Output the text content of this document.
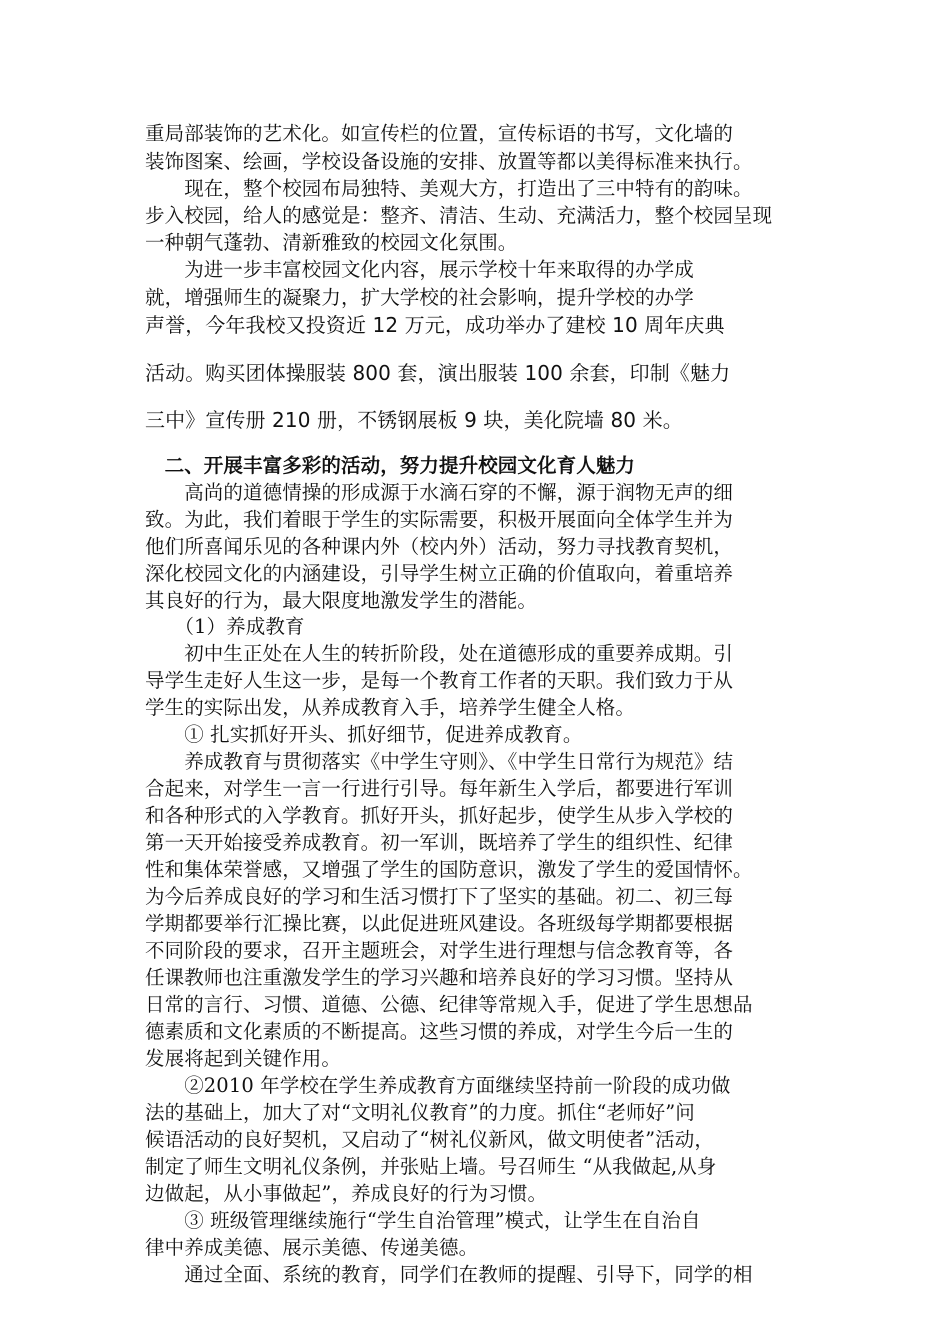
重局部装饰的艺术化。如宣传栏的位置，宣传标语的书写，文化墙的
装饰图案、绘画，学校设备设施的安排、放置等都以美得标准来执行。
　　现在，整个校园布局独特、美观大方，打造出了三中特有的韵味。
步入校园，给人的感觉是：整齐、清洁、生动、充满活力，整个校园呈现
一种朝气蓬勃、清新雅致的校园文化氛围。
　　为进一步丰富校园文化内容，展示学校十年来取得的办学成
就，增强师生的凝聚力，扩大学校的社会影响，提升学校的办学
声誉，今年我校又投资近 12 万元，成功举办了建校 10 周年庆典
活动。购买团体操服装 800 套，演出服装 100 余套，印制《魅力
三中》宣传册 210 册，不锈钢展板 9 块，美化院墙 80 米。
　二、开展丰富多彩的活动，努力提升校园文化育人魅力
　　高尚的道德情操的形成源于水滴石穿的不懈，源于润物无声的细
致。为此，我们着眼于学生的实际需要，积极开展面向全体学生并为
他们所喜闻乐见的各种课内外（校内外）活动，努力寻找教育契机，
深化校园文化的内涵建设，引导学生树立正确的价值取向，着重培养
其良好的行为，最大限度地激发学生的潜能。
　　（1）养成教育
　　初中生正处在人生的转折阶段，处在道德形成的重要养成期。引
导学生走好人生这一步，是每一个教育工作者的天职。我们致力于从
学生的实际出发，从养成教育入手，培养学生健全人格。
　　① 扎实抓好开头、抓好细节，促进养成教育。
　　养成教育与贯彻落实《中学生守则》、《中学生日常行为规范》结
合起来，对学生一言一行进行引导。每年新生入学后，都要进行军训
和各种形式的入学教育。抓好开头，抓好起步，使学生从步入学校的
第一天开始接受养成教育。初一军训，既培养了学生的组织性、纪律
性和集体荣誉感，又增强了学生的国防意识，激发了学生的爱国情怀。
为今后养成良好的学习和生活习惯打下了坚实的基础。初二、初三每
学期都要举行汇操比赛，以此促进班风建设。各班级每学期都要根据
不同阶段的要求，召开主题班会，对学生进行理想与信念教育等，各
任课教师也注重激发学生的学习兴趣和培养良好的学习习惯。坚持从
日常的言行、习惯、道德、公德、纪律等常规入手，促进了学生思想品
德素质和文化素质的不断提高。这些习惯的养成，对学生今后一生的
发展将起到关键作用。
　　②2010 年学校在学生养成教育方面继续坚持前一阶段的成功做
法的基础上，加大了对“文明礼仪教育”的力度。抓住“老师好”问
候语活动的良好契机，又启动了“树礼仪新风，做文明使者”活动，
制定了师生文明礼仪条例，并张贴上墙。号召师生 “从我做起,从身
边做起，从小事做起”，养成良好的行为习惯。
　　③ 班级管理继续施行“学生自治管理”模式，让学生在自治自
律中养成美德、展示美德、传递美德。
　　通过全面、系统的教育，同学们在教师的提醒、引导下，同学的相
